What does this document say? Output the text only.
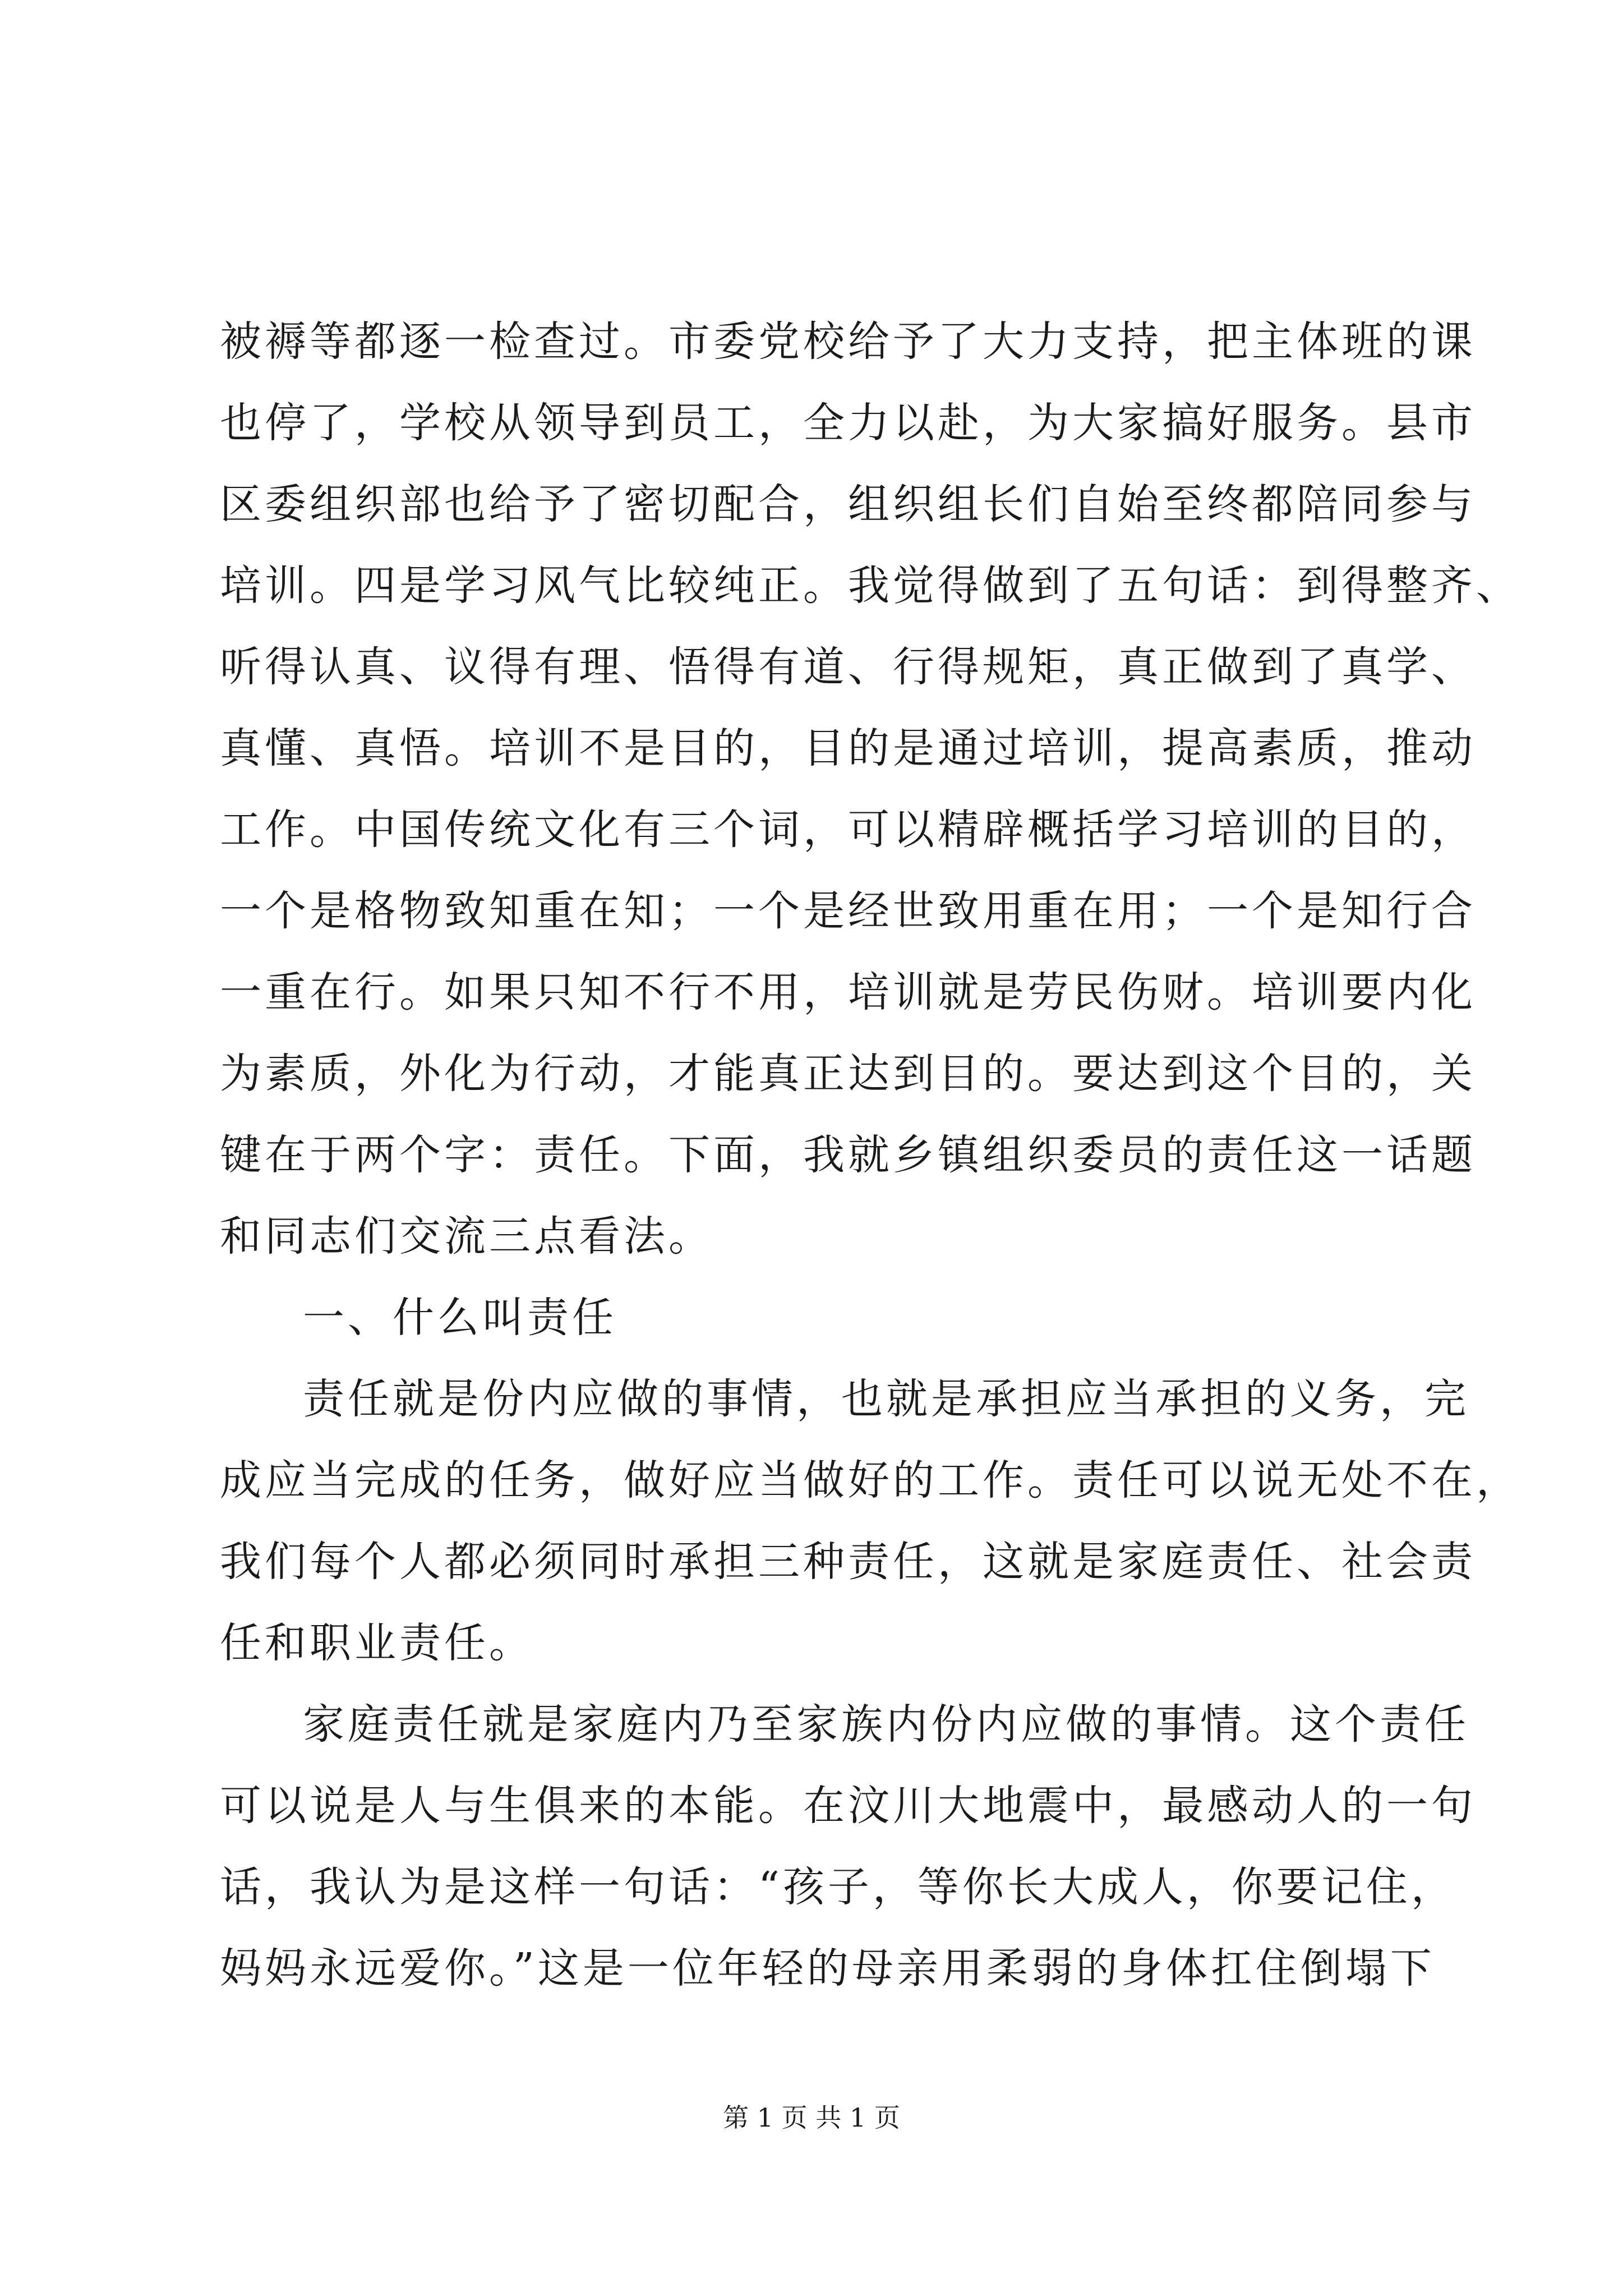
被褥等都逐一检查过。市委党校给予了大力支持，把主体班的课
也停了，学校从领导到员工，全力以赴，为大家搞好服务。县市
区委组织部也给予了密切配合，组织组长们自始至终都陪同参与
培训。四是学习风气比较纯正。我觉得做到了五句话：到得整齐、
听得认真、议得有理、悟得有道、行得规矩，真正做到了真学、
真懂、真悟。培训不是目的，目的是通过培训，提高素质，推动
工作。中国传统文化有三个词，可以精辟概括学习培训的目的，
一个是格物致知重在知；一个是经世致用重在用；一个是知行合
一重在行。如果只知不行不用，培训就是劳民伤财。培训要内化
为素质，外化为行动，才能真正达到目的。要达到这个目的，关
键在于两个字：责任。下面，我就乡镇组织委员的责任这一话题
和同志们交流三点看法。
一、什么叫责任
责任就是份内应做的事情，也就是承担应当承担的义务，完
成应当完成的任务，做好应当做好的工作。责任可以说无处不在，
我们每个人都必须同时承担三种责任，这就是家庭责任、社会责
任和职业责任。
家庭责任就是家庭内乃至家族内份内应做的事情。这个责任
可以说是人与生俱来的本能。在汶川大地震中，最感动人的一句
话，我认为是这样一句话：“孩子，等你长大成人，你要记住，
妈妈永远爱你。”这是一位年轻的母亲用柔弱的身体扛住倒塌下
第 1 页 共 1 页
